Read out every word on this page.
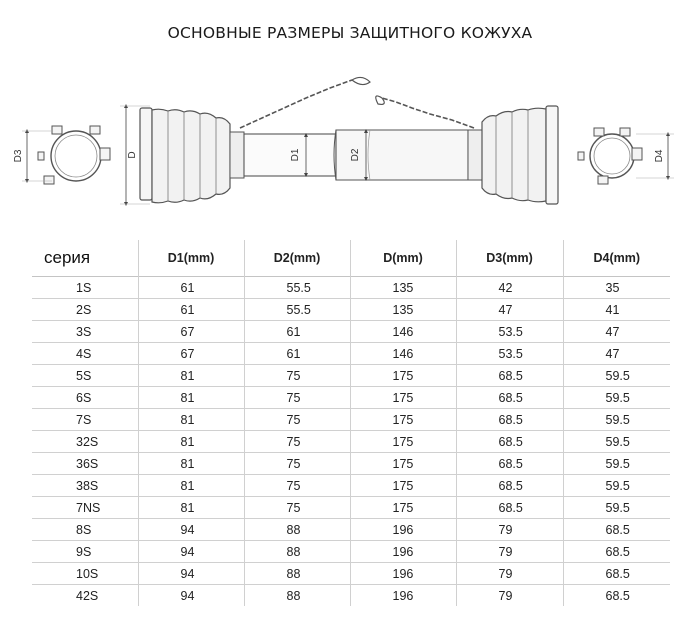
ОСНОВНЫЕ РАЗМЕРЫ ЗАЩИТНОГО КОЖУХА
D3	D	D1	D2	D4
серия	D1(mm)	D2(mm)	D(mm)	D3(mm)	D4(mm)
1S	61	55.5	135	42	35
2S	61	55.5	135	47	41
3S	67	61	146	53.5	47
4S	67	61	146	53.5	47
5S	81	75	175	68.5	59.5
6S	81	75	175	68.5	59.5
7S	81	75	175	68.5	59.5
32S	81	75	175	68.5	59.5
36S	81	75	175	68.5	59.5
38S	81	75	175	68.5	59.5
7NS	81	75	175	68.5	59.5
8S	94	88	196	79	68.5
9S	94	88	196	79	68.5
10S	94	88	196	79	68.5
42S	94	88	196	79	68.5
